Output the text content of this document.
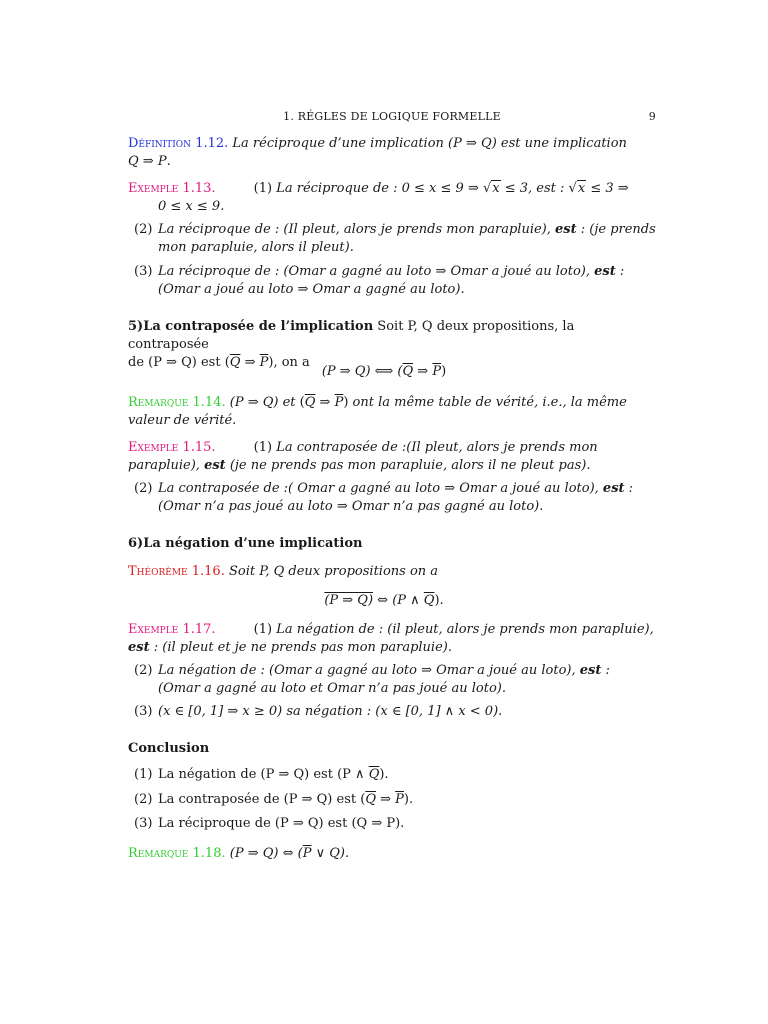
1. RÉGLES DE LOGIQUE FORMELLE	9
Définition 1.12. La réciproque d’une implication (P ⇒ Q) est une implication
Q ⇒ P.
Exemple 1.13.	(1) La réciproque de : 0 ≤ x ≤ 9 ⇒ √x ≤ 3, est : √x ≤ 3 ⇒
0 ≤ x ≤ 9.
(2) La réciproque de : (Il pleut, alors je prends mon parapluie), est : (je prends mon parapluie, alors il pleut).
(3) La réciproque de : (Omar a gagné au loto ⇒ Omar a joué au loto), est : (Omar a joué au loto ⇒ Omar a gagné au loto).
5)La contraposée de l’implication Soit P, Q deux propositions, la contraposée
de (P ⇒ Q) est ($\overline{Q}$ ⇒ $\overline{P}$), on a
(P ⇒ Q) ⟺ ($\overline{Q}$ ⇒ $\overline{P}$)
Remarque 1.14. (P ⇒ Q) et ($\overline{Q}$ ⇒ $\overline{P}$) ont la même table de vérité, i.e., la même valeur de vérité.
Exemple 1.15.	(1) La contraposée de :(Il pleut, alors je prends mon parapluie), est (je ne prends pas mon parapluie, alors il ne pleut pas).
(2) La contraposée de :( Omar a gagné au loto ⇒ Omar a joué au loto), est : (Omar n’a pas joué au loto ⇒ Omar n’a pas gagné au loto).
6)La négation d’une implication
Théorème 1.16. Soit P, Q deux propositions on a
(P ⇒ Q) ⇔ (P ∧ $\overline{Q}$).
Exemple 1.17.	(1) La négation de : (il pleut, alors je prends mon parapluie), est : (il pleut et je ne prends pas mon parapluie).
(2) La négation de : (Omar a gagné au loto ⇒ Omar a joué au loto), est : (Omar a gagné au loto et Omar n’a pas joué au loto).
(3) (x ∈ [0, 1] ⇒ x ≥ 0) sa négation : (x ∈ [0, 1] ∧ x < 0).
Conclusion
(1) La négation de (P ⇒ Q) est (P ∧ $\overline{Q}$).
(2) La contraposée de (P ⇒ Q) est ($\overline{Q}$ ⇒ $\overline{P}$).
(3) La réciproque de (P ⇒ Q) est (Q ⇒ P).
Remarque 1.18. (P ⇒ Q) ⇔ ($\overline{P}$ ∨ Q).
